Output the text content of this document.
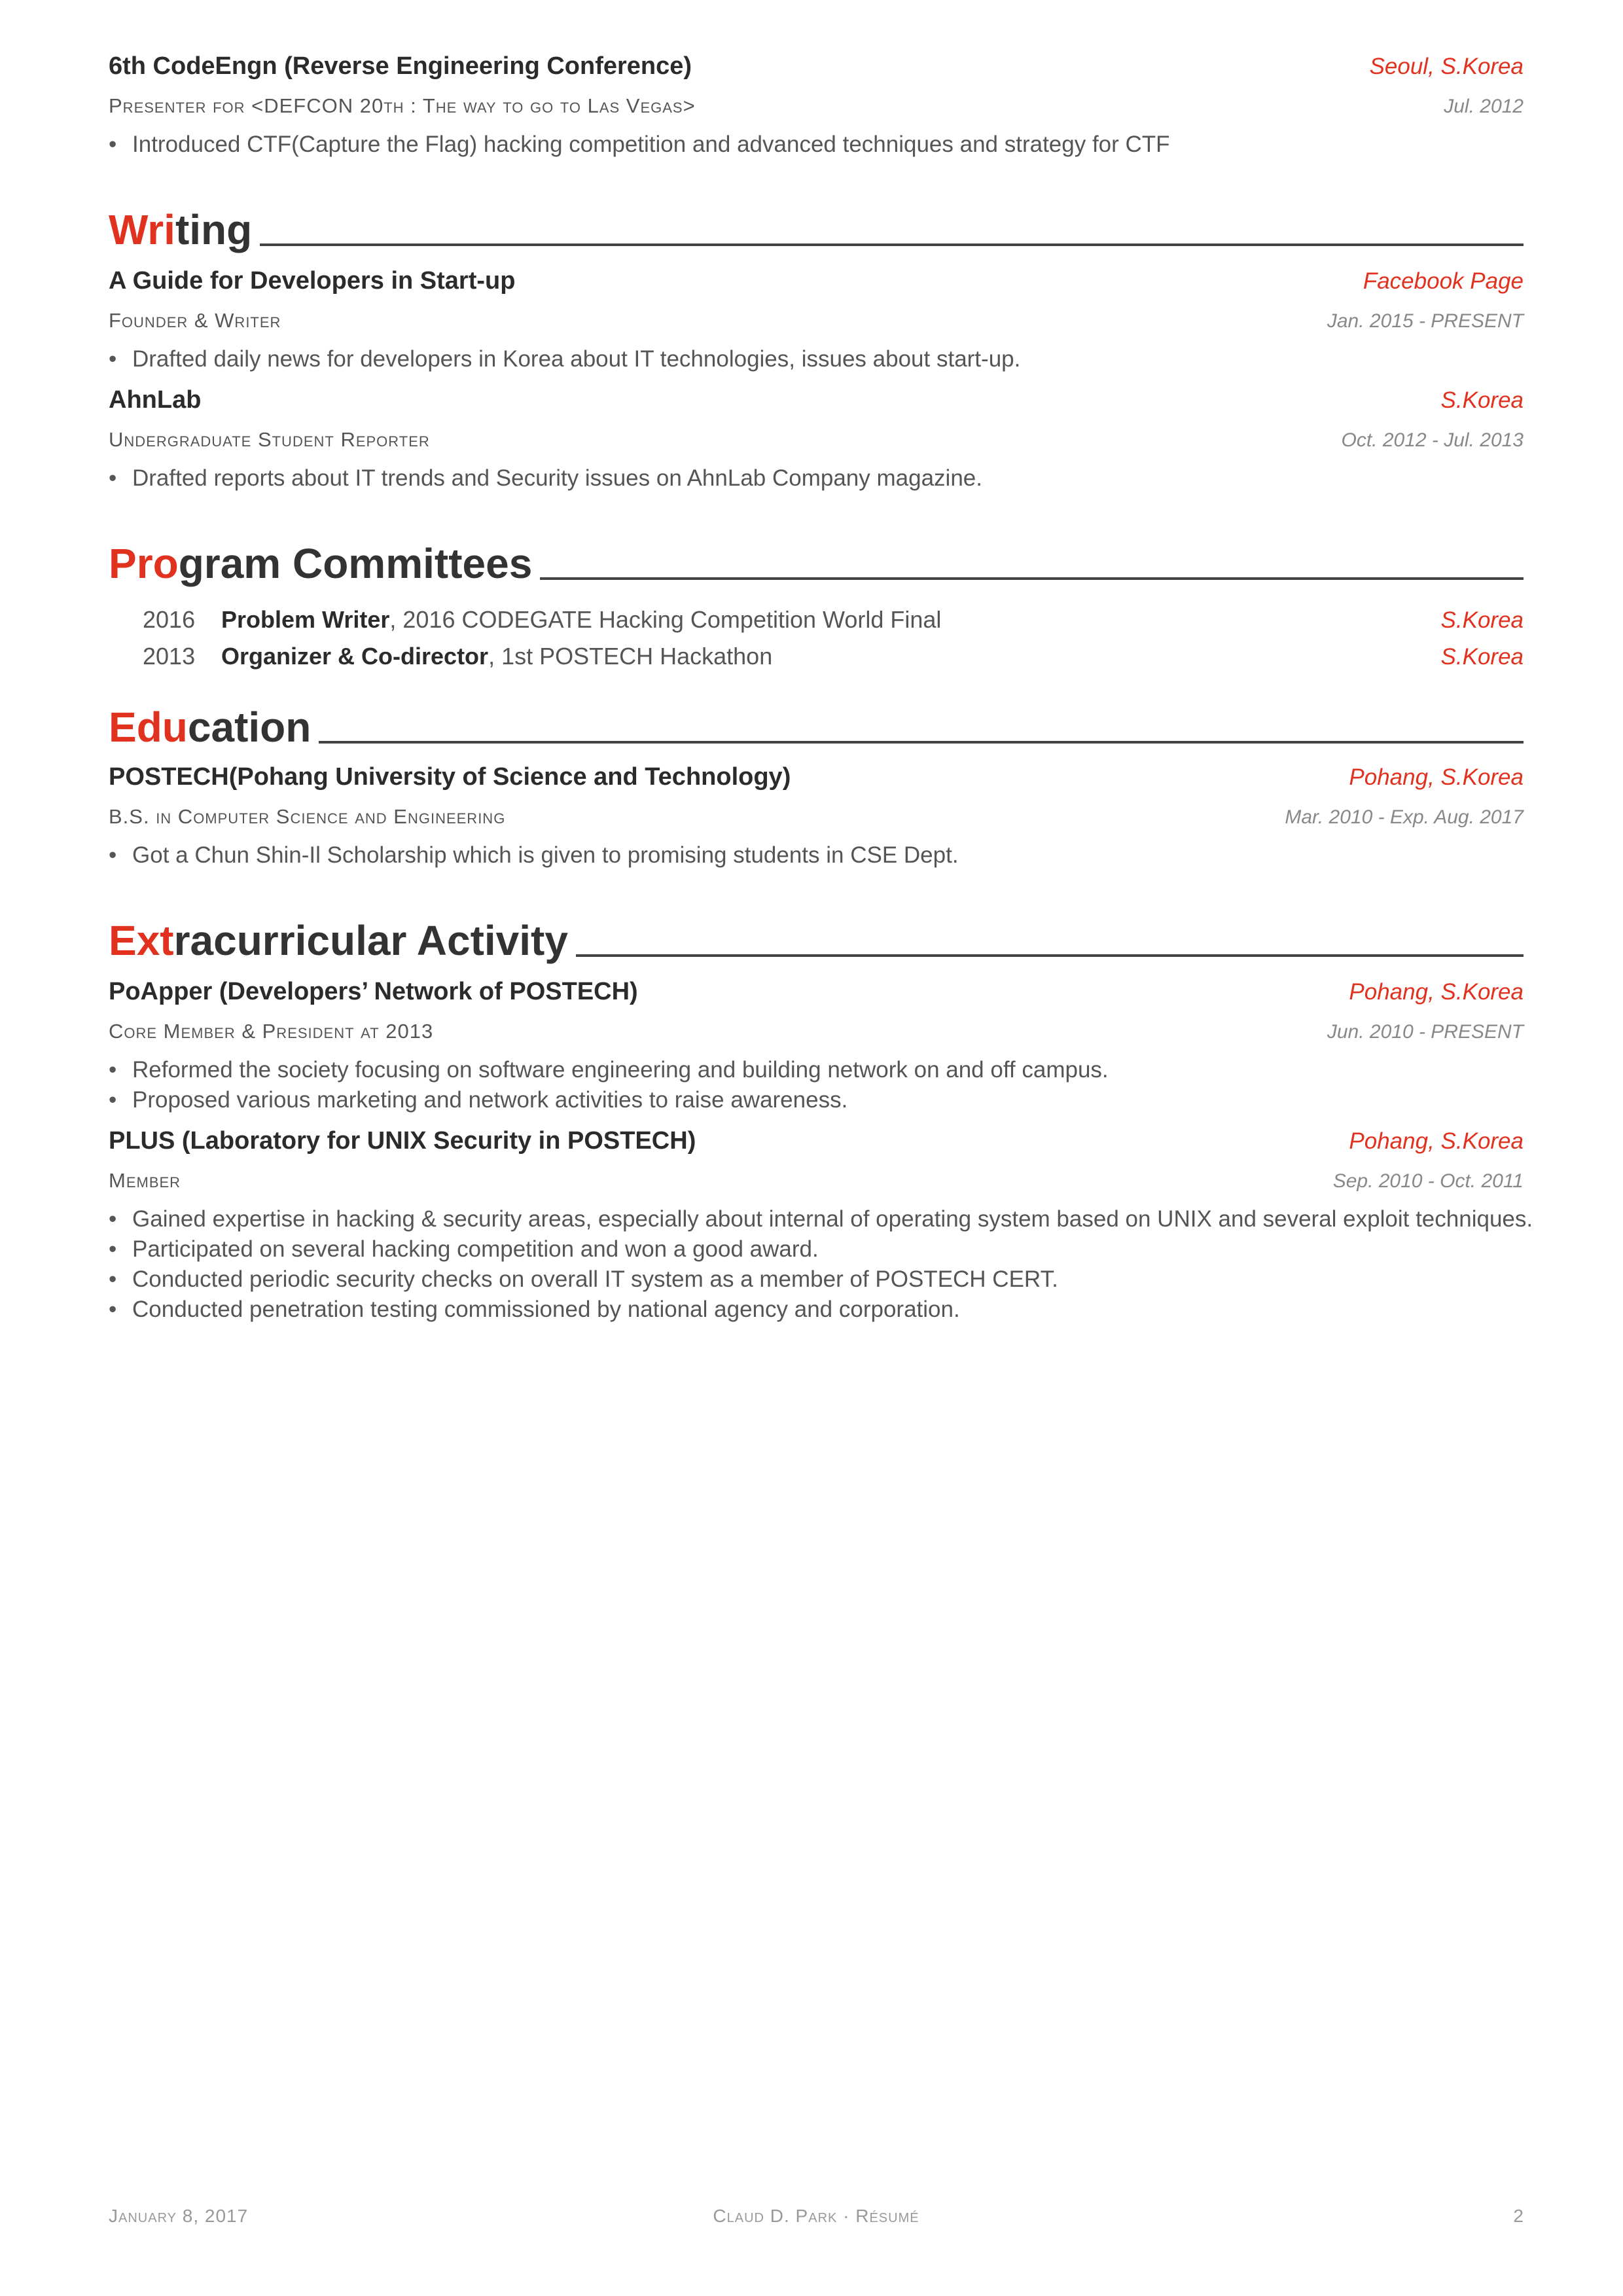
6th CodeEngn (Reverse Engineering Conference)	Seoul, S.Korea
Presenter for <DEFCON 20th : The way to go to Las Vegas>	Jul. 2012
• Introduced CTF(Capture the Flag) hacking competition and advanced techniques and strategy for CTF
Writing
A Guide for Developers in Start-up	Facebook Page
Founder & Writer	Jan. 2015 - PRESENT
• Drafted daily news for developers in Korea about IT technologies, issues about start-up.
AhnLab	S.Korea
Undergraduate Student Reporter	Oct. 2012 - Jul. 2013
• Drafted reports about IT trends and Security issues on AhnLab Company magazine.
Program Committees
2016	Problem Writer, 2016 CODEGATE Hacking Competition World Final	S.Korea
2013	Organizer & Co-director, 1st POSTECH Hackathon	S.Korea
Education
POSTECH(Pohang University of Science and Technology)	Pohang, S.Korea
B.S. in Computer Science and Engineering	Mar. 2010 - Exp. Aug. 2017
• Got a Chun Shin-Il Scholarship which is given to promising students in CSE Dept.
Extracurricular Activity
PoApper (Developers’ Network of POSTECH)	Pohang, S.Korea
Core Member & President at 2013	Jun. 2010 - PRESENT
• Reformed the society focusing on software engineering and building network on and off campus.
• Proposed various marketing and network activities to raise awareness.
PLUS (Laboratory for UNIX Security in POSTECH)	Pohang, S.Korea
Member	Sep. 2010 - Oct. 2011
• Gained expertise in hacking & security areas, especially about internal of operating system based on UNIX and several exploit techniques.
• Participated on several hacking competition and won a good award.
• Conducted periodic security checks on overall IT system as a member of POSTECH CERT.
• Conducted penetration testing commissioned by national agency and corporation.
January 8, 2017	Claud D. Park · Résumé	2
